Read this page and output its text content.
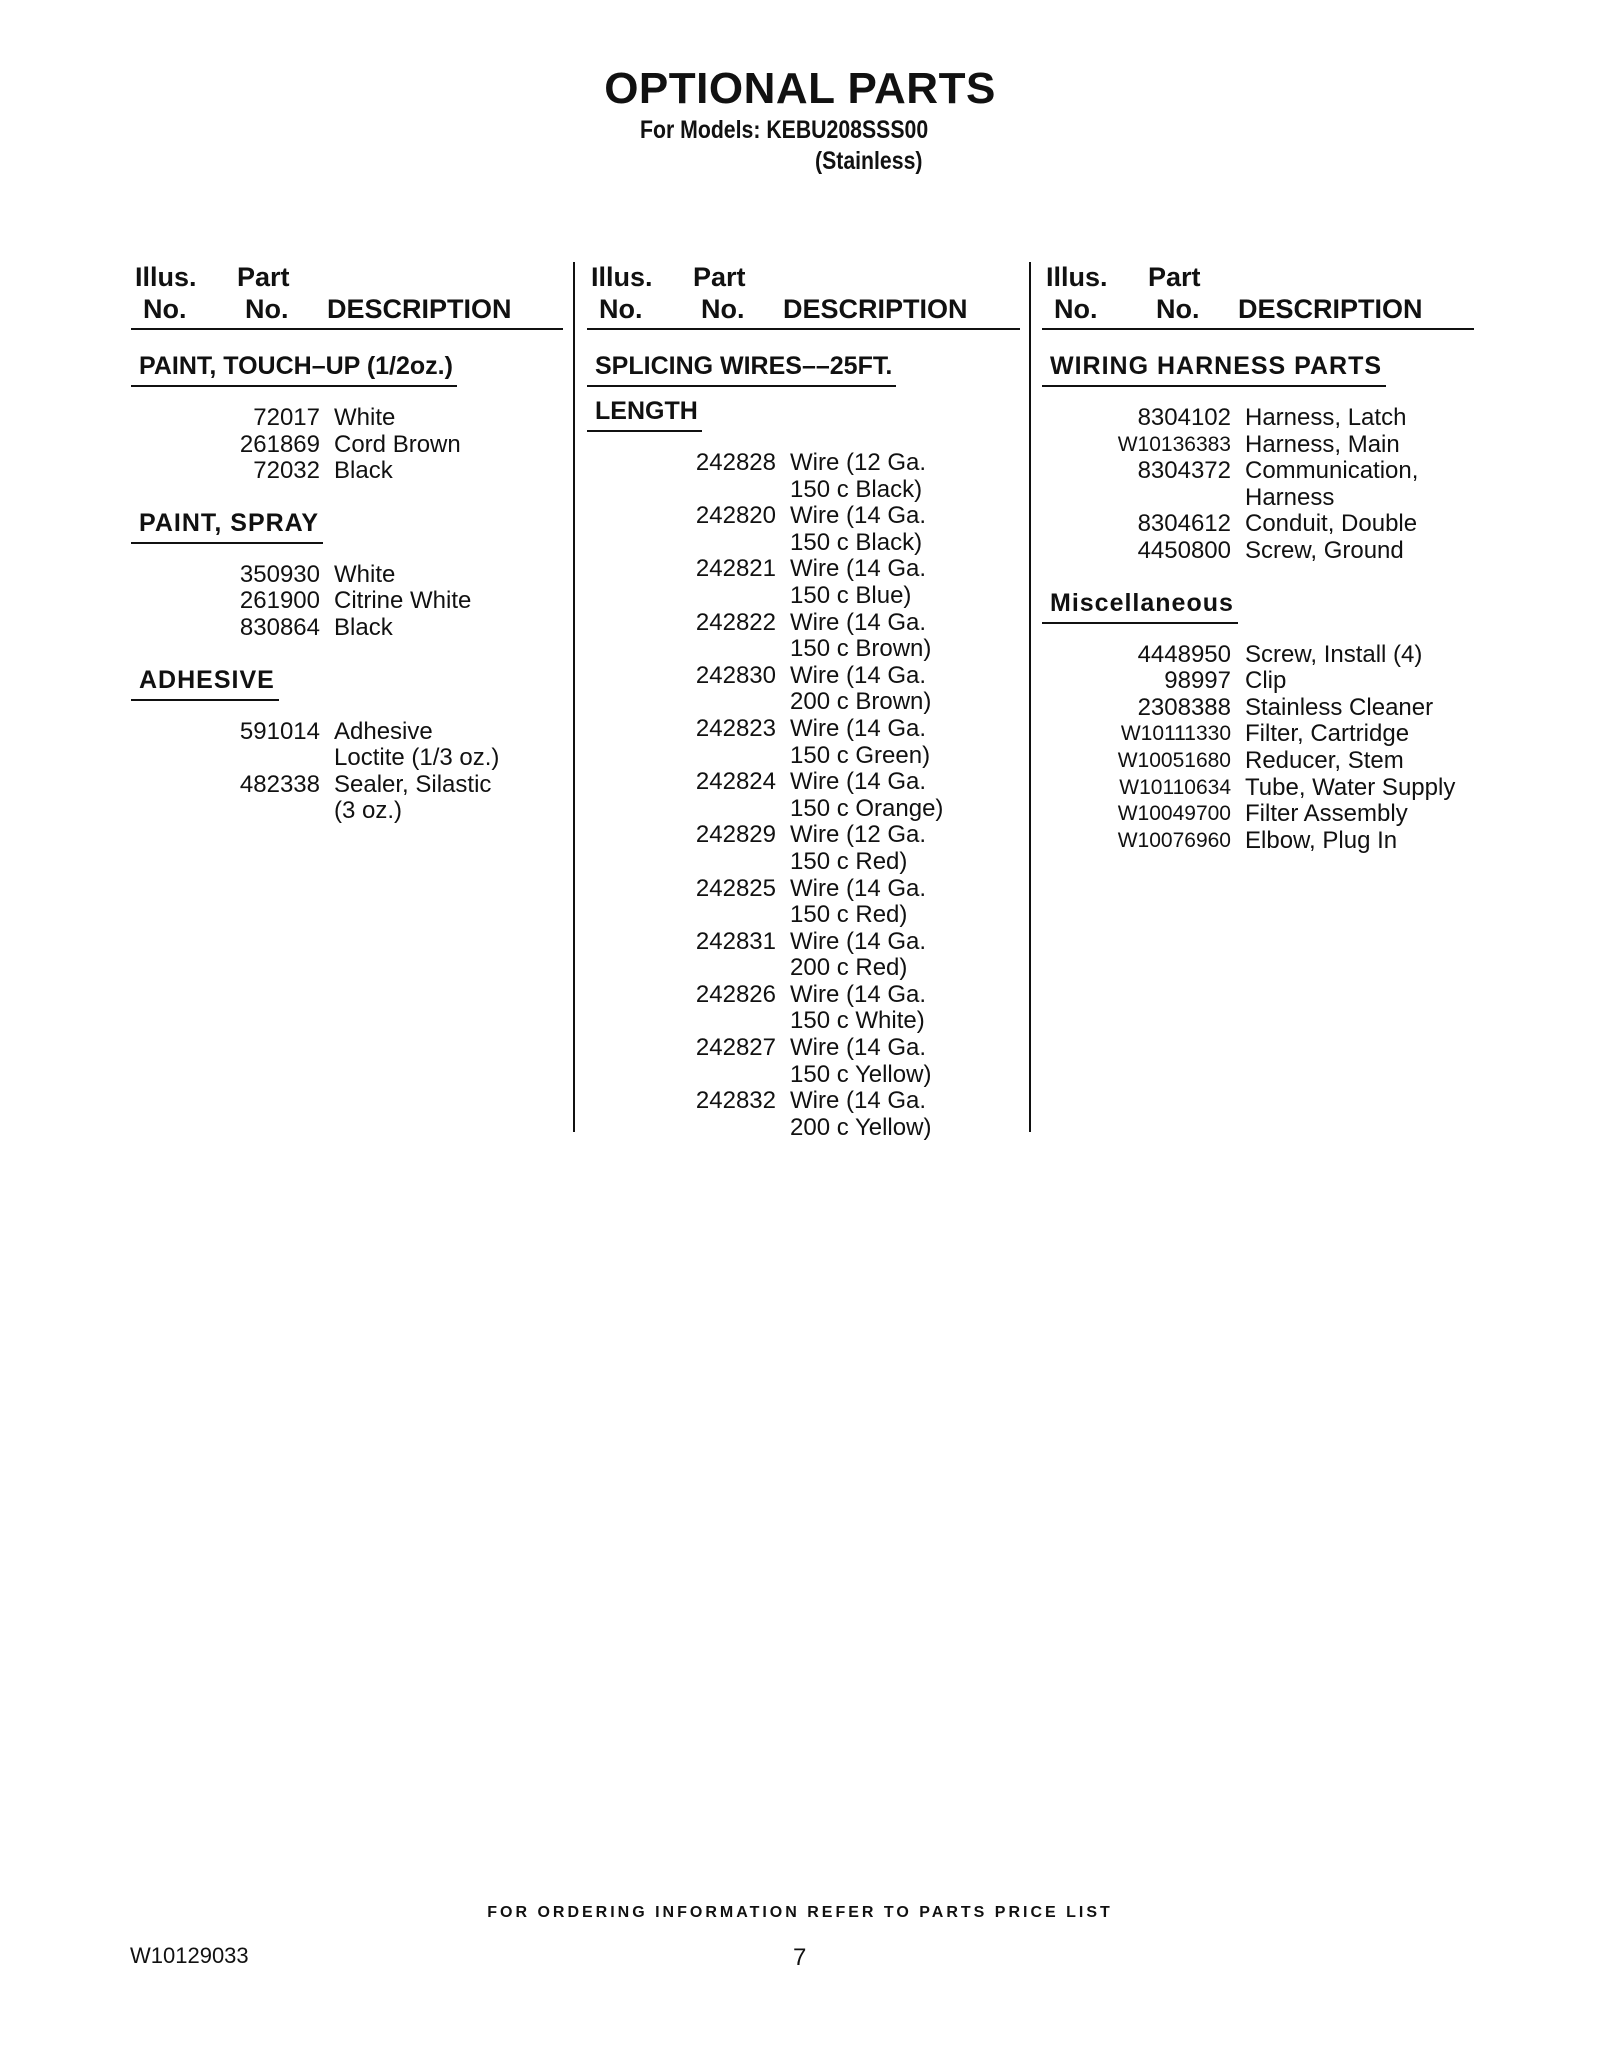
OPTIONAL PARTS
For Models: KEBU208SSS00
(Stainless)
Illus. Part
No. No. DESCRIPTION
PAINT, TOUCH–UP (1/2oz.)
72017 White
261869 Cord Brown
72032 Black
PAINT, SPRAY
350930 White
261900 Citrine White
830864 Black
ADHESIVE
591014 Adhesive
Loctite (1/3 oz.)
482338 Sealer, Silastic
(3 oz.)
Illus. Part
No. No. DESCRIPTION
SPLICING WIRES––25FT.
LENGTH
242828 Wire (12 Ga.
150 c Black)
242820 Wire (14 Ga.
150 c Black)
242821 Wire (14 Ga.
150 c Blue)
242822 Wire (14 Ga.
150 c Brown)
242830 Wire (14 Ga.
200 c Brown)
242823 Wire (14 Ga.
150 c Green)
242824 Wire (14 Ga.
150 c Orange)
242829 Wire (12 Ga.
150 c Red)
242825 Wire (14 Ga.
150 c Red)
242831 Wire (14 Ga.
200 c Red)
242826 Wire (14 Ga.
150 c White)
242827 Wire (14 Ga.
150 c Yellow)
242832 Wire (14 Ga.
200 c Yellow)
Illus. Part
No. No. DESCRIPTION
WIRING HARNESS PARTS
8304102 Harness, Latch
W10136383 Harness, Main
8304372 Communication,
Harness
8304612 Conduit, Double
4450800 Screw, Ground
Miscellaneous
4448950 Screw, Install (4)
98997 Clip
2308388 Stainless Cleaner
W10111330 Filter, Cartridge
W10051680 Reducer, Stem
W10110634 Tube, Water Supply
W10049700 Filter Assembly
W10076960 Elbow, Plug In
FOR ORDERING INFORMATION REFER TO PARTS PRICE LIST
W10129033	7
